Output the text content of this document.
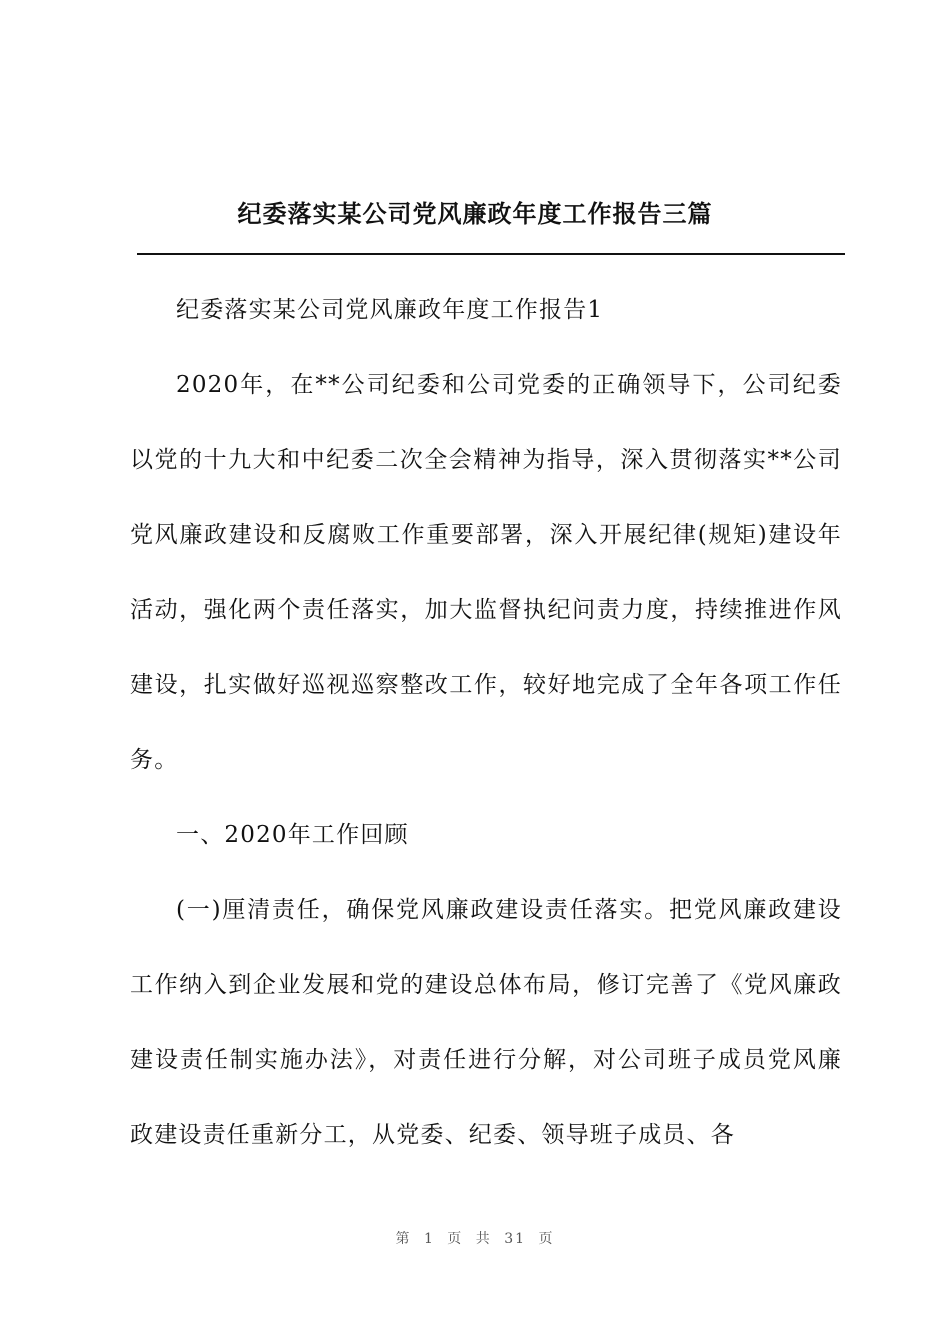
纪委落实某公司党风廉政年度工作报告三篇

纪委落实某公司党风廉政年度工作报告1

2020年，在**公司纪委和公司党委的正确领导下，公司纪委以党的十九大和中纪委二次全会精神为指导，深入贯彻落实**公司党风廉政建设和反腐败工作重要部署，深入开展纪律(规矩)建设年活动，强化两个责任落实，加大监督执纪问责力度，持续推进作风建设，扎实做好巡视巡察整改工作，较好地完成了全年各项工作任务。

一、2020年工作回顾

(一)厘清责任，确保党风廉政建设责任落实。把党风廉政建设工作纳入到企业发展和党的建设总体布局，修订完善了《党风廉政建设责任制实施办法》，对责任进行分解，对公司班子成员党风廉政建设责任重新分工，从党委、纪委、领导班子成员、各

第 1 页 共 31 页
